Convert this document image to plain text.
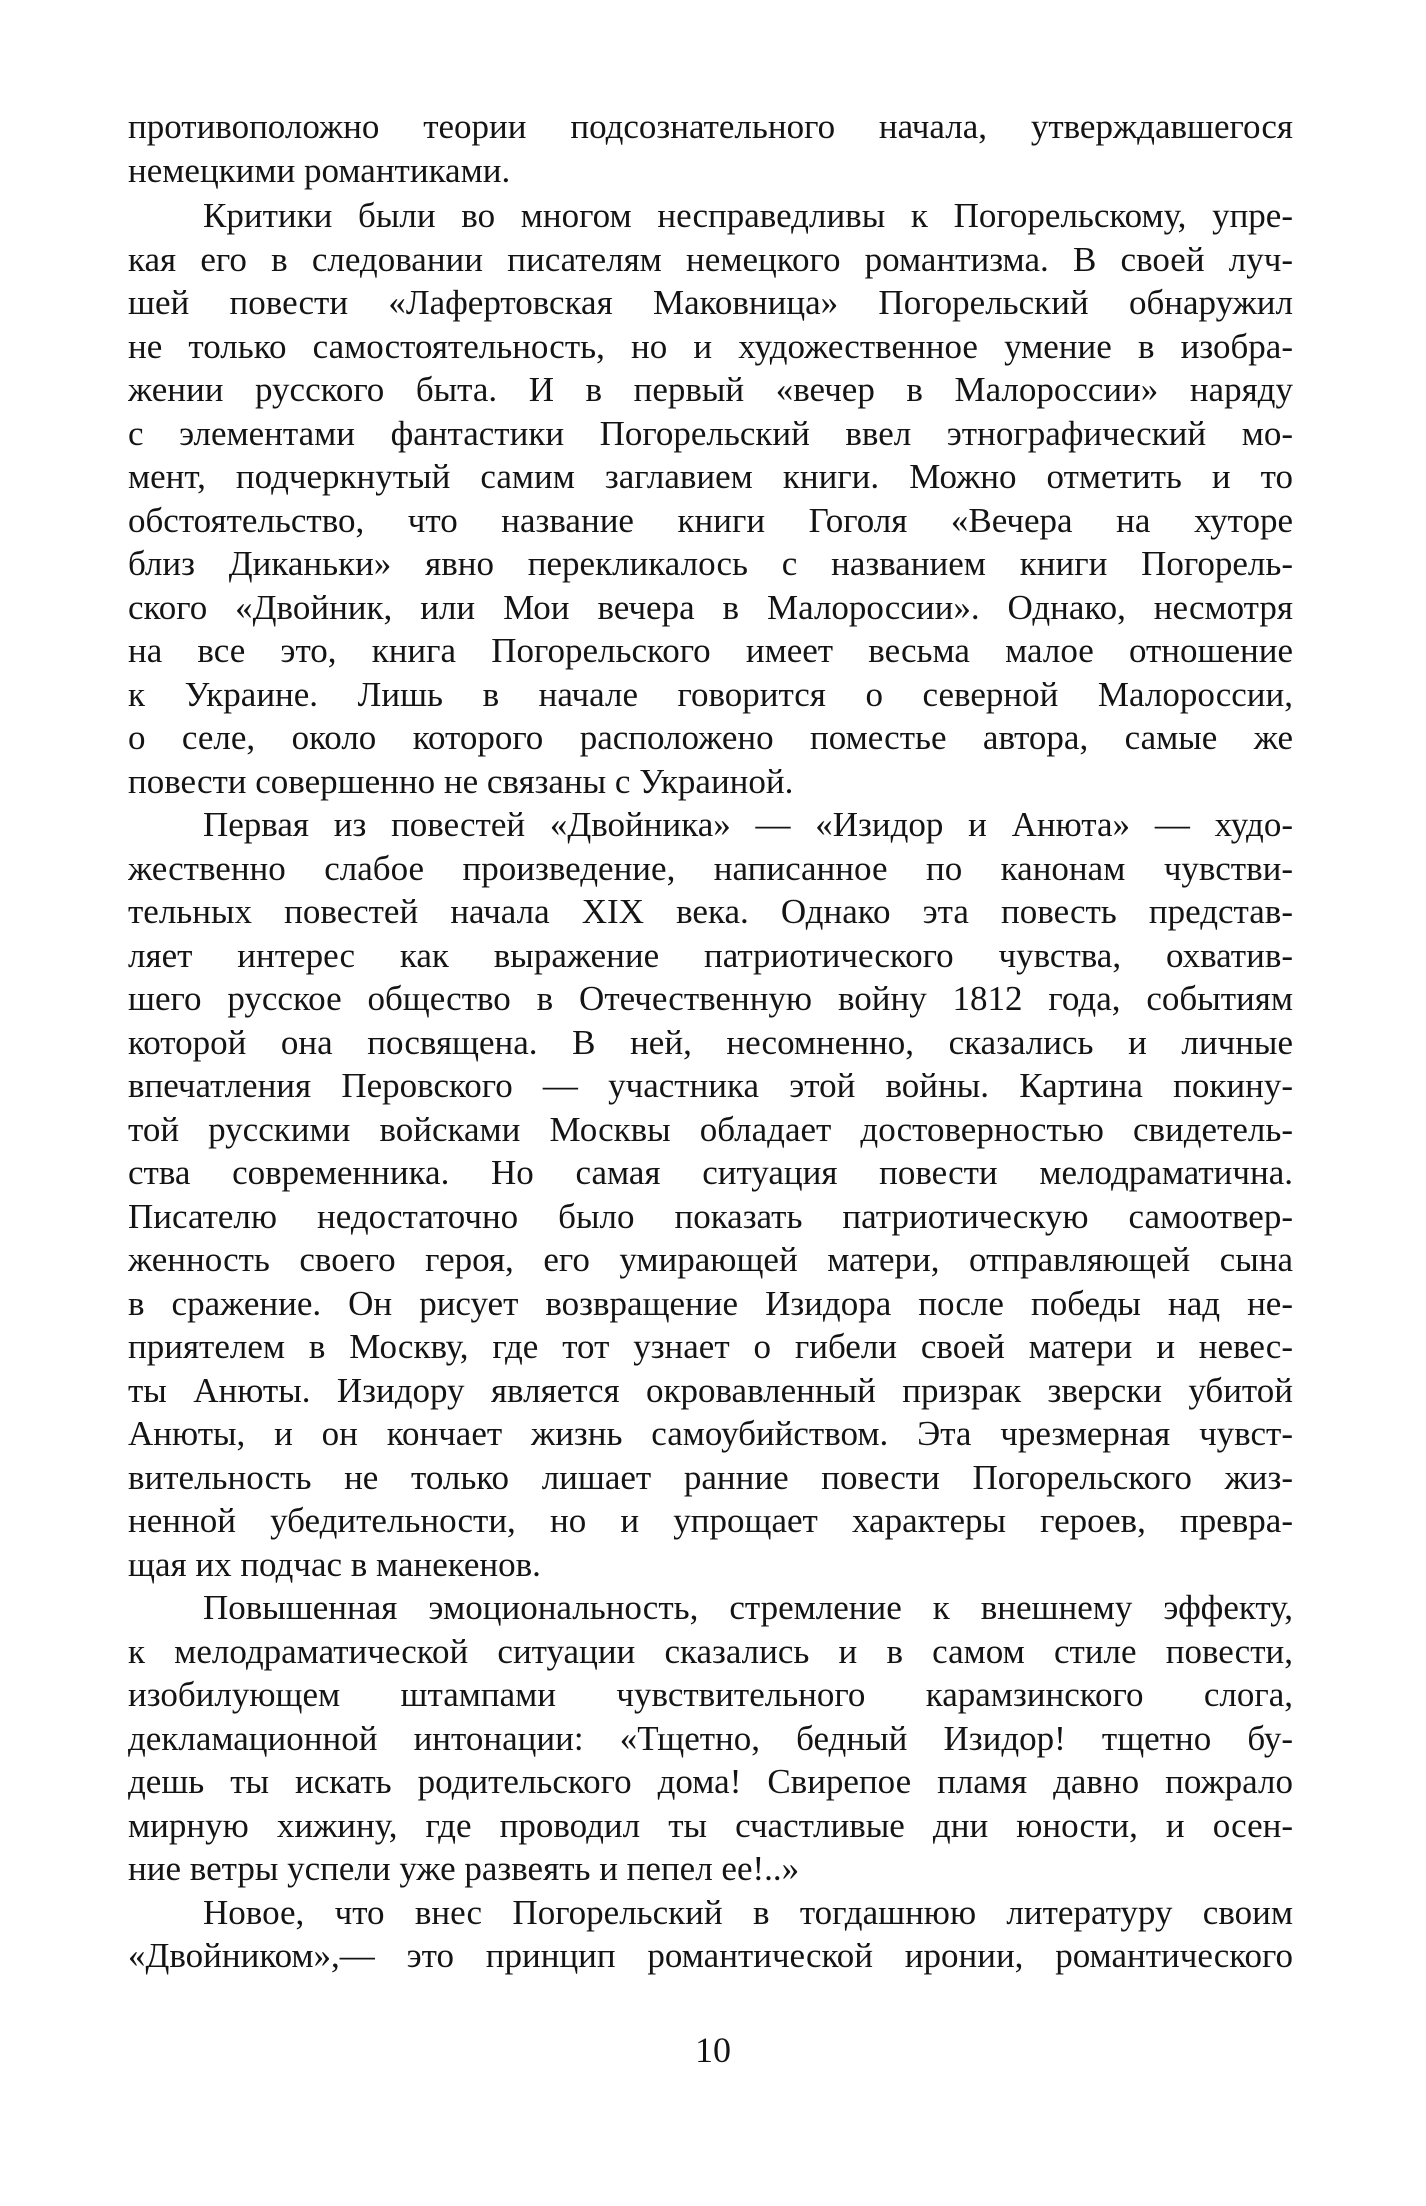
противоположно теории подсознательного начала, утверждавшегося
немецкими романтиками.
Критики были во многом несправедливы к Погорельскому, упре-
кая его в следовании писателям немецкого романтизма. В своей луч-
шей повести «Лафертовская Маковница» Погорельский обнаружил
не только самостоятельность, но и художественное умение в изобра-
жении русского быта. И в первый «вечер в Малороссии» наряду
с элементами фантастики Погорельский ввел этнографический мо-
мент, подчеркнутый самим заглавием книги. Можно отметить и то
обстоятельство, что название книги Гоголя «Вечера на хуторе
близ Диканьки» явно перекликалось с названием книги Погорель-
ского «Двойник, или Мои вечера в Малороссии». Однако, несмотря
на все это, книга Погорельского имеет весьма малое отношение
к Украине. Лишь в начале говорится о северной Малороссии,
о селе, около которого расположено поместье автора, самые же
повести совершенно не связаны с Украиной.
Первая из повестей «Двойника» — «Изидор и Анюта» — худо-
жественно слабое произведение, написанное по канонам чувстви-
тельных повестей начала XIX века. Однако эта повесть представ-
ляет интерес как выражение патриотического чувства, охватив-
шего русское общество в Отечественную войну 1812 года, событиям
которой она посвящена. В ней, несомненно, сказались и личные
впечатления Перовского — участника этой войны. Картина покину-
той русскими войсками Москвы обладает достоверностью свидетель-
ства современника. Но самая ситуация повести мелодраматична.
Писателю недостаточно было показать патриотическую самоотвер-
женность своего героя, его умирающей матери, отправляющей сына
в сражение. Он рисует возвращение Изидора после победы над не-
приятелем в Москву, где тот узнает о гибели своей матери и невес-
ты Анюты. Изидору является окровавленный призрак зверски убитой
Анюты, и он кончает жизнь самоубийством. Эта чрезмерная чувст-
вительность не только лишает ранние повести Погорельского жиз-
ненной убедительности, но и упрощает характеры героев, превра-
щая их подчас в манекенов.
Повышенная эмоциональность, стремление к внешнему эффекту,
к мелодраматической ситуации сказались и в самом стиле повести,
изобилующем штампами чувствительного карамзинского слога,
декламационной интонации: «Тщетно, бедный Изидор! тщетно бу-
дешь ты искать родительского дома! Свирепое пламя давно пожрало
мирную хижину, где проводил ты счастливые дни юности, и осен-
ние ветры успели уже развеять и пепел ее!..»
Новое, что внес Погорельский в тогдашнюю литературу своим
«Двойником»,— это принцип романтической иронии, романтического
10
